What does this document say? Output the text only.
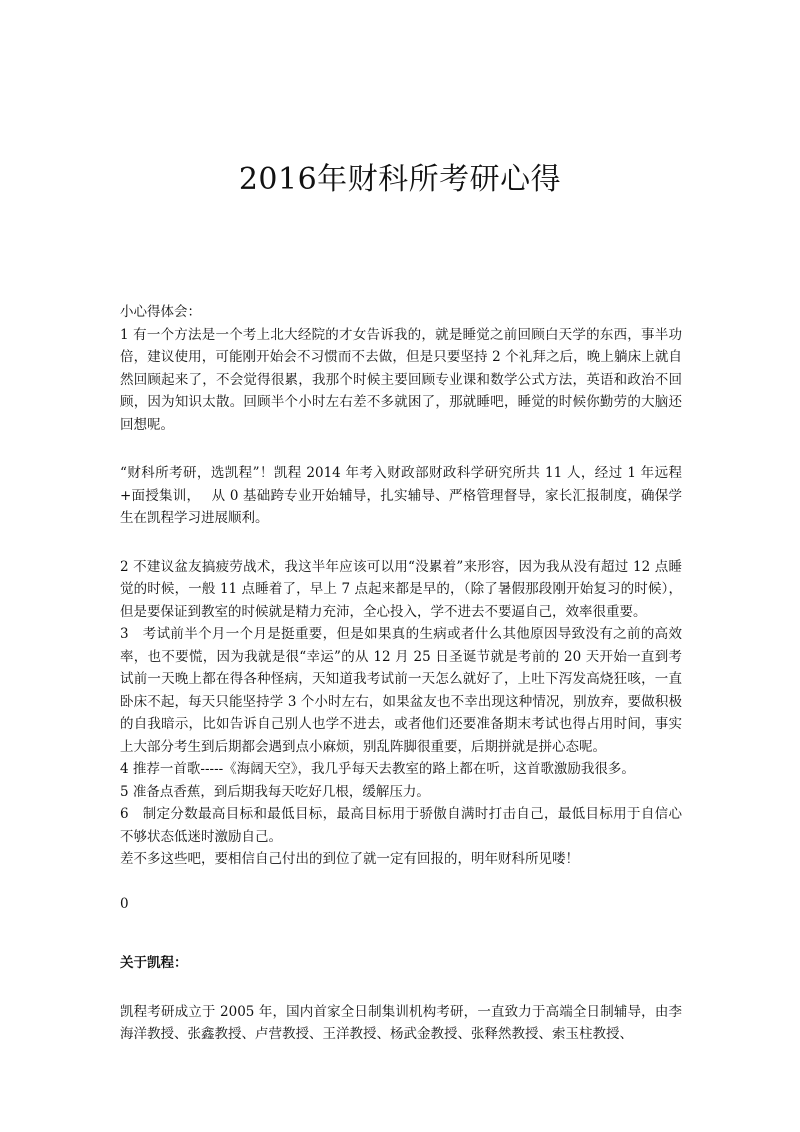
2016年财科所考研心得

小心得体会：

1 有一个方法是一个考上北大经院的才女告诉我的，就是睡觉之前回顾白天学的东西，事半功倍，建议使用，可能刚开始会不习惯而不去做，但是只要坚持 2 个礼拜之后，晚上躺床上就自然回顾起来了，不会觉得很累，我那个时候主要回顾专业课和数学公式方法，英语和政治不回顾，因为知识太散。回顾半个小时左右差不多就困了，那就睡吧，睡觉的时候你勤劳的大脑还回想呢。

“财科所考研，选凯程”！凯程 2014 年考入财政部财政科学研究所共 11 人，经过 1 年远程+面授集训，　 从 0 基础跨专业开始辅导，扎实辅导、严格管理督导，家长汇报制度，确保学生在凯程学习进展顺利。

2 不建议盆友搞疲劳战术，我这半年应该可以用“没累着”来形容，因为我从没有超过 12 点睡觉的时候，一般 11 点睡着了，早上 7 点起来都是早的，（除了暑假那段刚开始复习的时候），但是要保证到教室的时候就是精力充沛，全心投入，学不进去不要逼自己，效率很重要。

3　考试前半个月一个月是挺重要，但是如果真的生病或者什么其他原因导致没有之前的高效率，也不要慌，因为我就是很“幸运”的从 12 月 25 日圣诞节就是考前的 20 天开始一直到考试前一天晚上都在得各种怪病，天知道我考试前一天怎么就好了，上吐下泻发高烧狂咳，一直卧床不起，每天只能坚持学 3 个小时左右，如果盆友也不幸出现这种情况，别放弃，要做积极的自我暗示，比如告诉自己别人也学不进去，或者他们还要准备期末考试也得占用时间，事实上大部分考生到后期都会遇到点小麻烦，别乱阵脚很重要，后期拼就是拼心态呢。

4 推荐一首歌-----《海阔天空》，我几乎每天去教室的路上都在听，这首歌激励我很多。

5 准备点香蕉，到后期我每天吃好几根，缓解压力。

6　制定分数最高目标和最低目标，最高目标用于骄傲自满时打击自己，最低目标用于自信心不够状态低迷时激励自己。

差不多这些吧，要相信自己付出的到位了就一定有回报的，明年财科所见喽！

0

关于凯程：

凯程考研成立于 2005 年，国内首家全日制集训机构考研，一直致力于高端全日制辅导，由李海洋教授、张鑫教授、卢营教授、王洋教授、杨武金教授、张释然教授、索玉柱教授、
